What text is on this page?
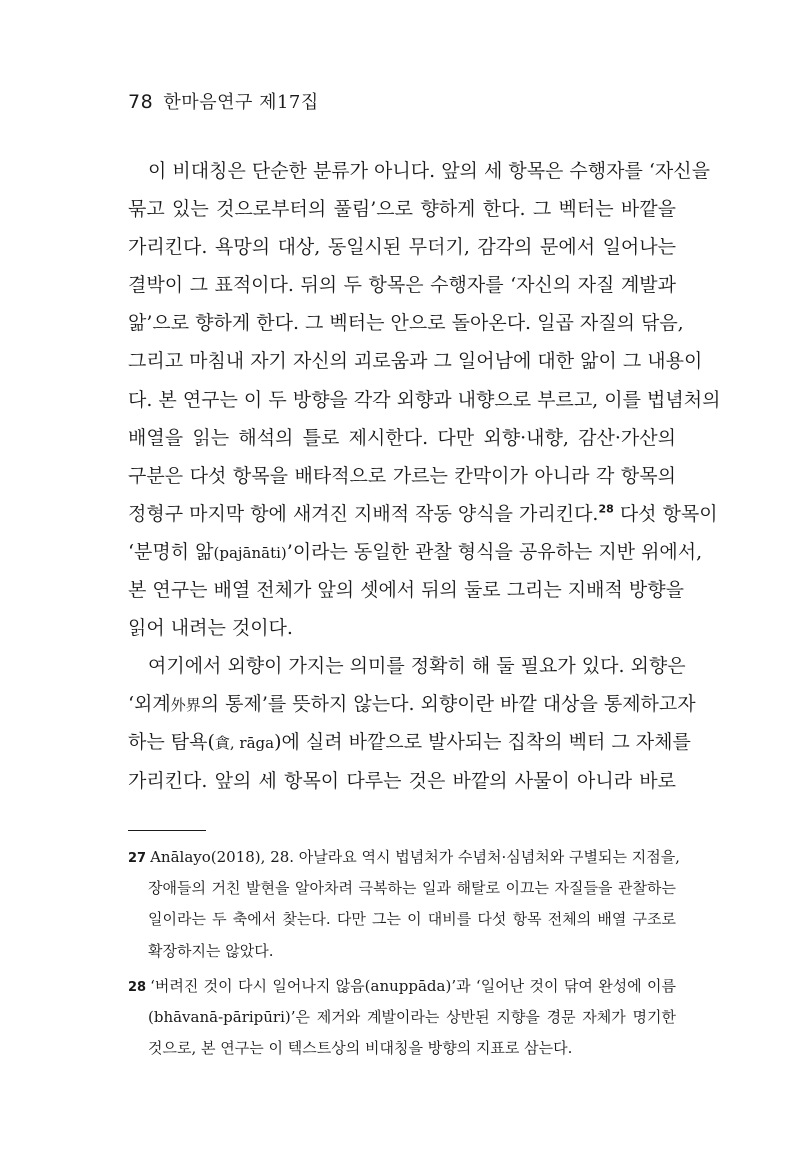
78 한마음연구 제17집
이 비대칭은 단순한 분류가 아니다. 앞의 세 항목은 수행자를 ‘자신을
묶고 있는 것으로부터의 풀림’으로 향하게 한다. 그 벡터는 바깥을
가리킨다. 욕망의 대상, 동일시된 무더기, 감각의 문에서 일어나는
결박이 그 표적이다. 뒤의 두 항목은 수행자를 ‘자신의 자질 계발과
앎’으로 향하게 한다. 그 벡터는 안으로 돌아온다. 일곱 자질의 닦음,
그리고 마침내 자기 자신의 괴로움과 그 일어남에 대한 앎이 그 내용이
다. 본 연구는 이 두 방향을 각각 외향과 내향으로 부르고, 이를 법념처의
배열을 읽는 해석의 틀로 제시한다. 다만 외향·내향, 감산·가산의
구분은 다섯 항목을 배타적으로 가르는 칸막이가 아니라 각 항목의
정형구 마지막 항에 새겨진 지배적 작동 양식을 가리킨다.$^{28}$ 다섯 항목이
‘분명히 앎(pajānāti)’이라는 동일한 관찰 형식을 공유하는 지반 위에서,
본 연구는 배열 전체가 앞의 셋에서 뒤의 둘로 그리는 지배적 방향을
읽어 내려는 것이다.
여기에서 외향이 가지는 의미를 정확히 해 둘 필요가 있다. 외향은
‘외계外界의 통제’를 뜻하지 않는다. 외향이란 바깥 대상을 통제하고자
하는 탐욕(貪, rāga)에 실려 바깥으로 발사되는 집착의 벡터 그 자체를
가리킨다. 앞의 세 항목이 다루는 것은 바깥의 사물이 아니라 바로
27 Anālayo(2018), 28. 아날라요 역시 법념처가 수념처·심념처와 구별되는 지점을,
장애들의 거친 발현을 알아차려 극복하는 일과 해탈로 이끄는 자질들을 관찰하는
일이라는 두 축에서 찾는다. 다만 그는 이 대비를 다섯 항목 전체의 배열 구조로
확장하지는 않았다.
28 ‘버려진 것이 다시 일어나지 않음(anuppāda)’과 ‘일어난 것이 닦여 완성에 이름
(bhāvanā-pāripūri)’은 제거와 계발이라는 상반된 지향을 경문 자체가 명기한
것으로, 본 연구는 이 텍스트상의 비대칭을 방향의 지표로 삼는다.
